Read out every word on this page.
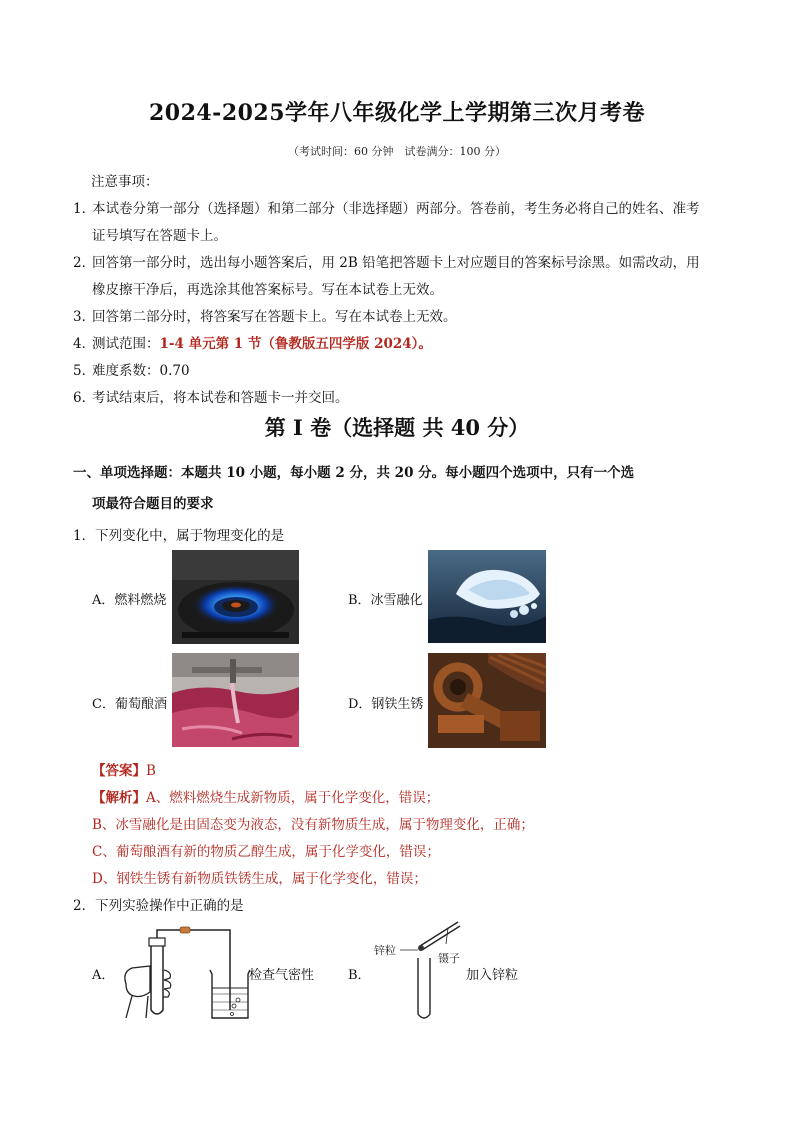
2024-2025学年八年级化学上学期第三次月考卷
（考试时间：60 分钟　试卷满分：100 分）
注意事项：
1．
本试卷分第一部分（选择题）和第二部分（非选择题）两部分。答卷前，考生务必将自己的姓名、准考
证号填写在答题卡上。
2．
回答第一部分时，选出每小题答案后，用 2B 铅笔把答题卡上对应题目的答案标号涂黑。如需改动，用
橡皮擦干净后，再选涂其他答案标号。写在本试卷上无效。
3．
回答第二部分时，将答案写在答题卡上。写在本试卷上无效。
4．
测试范围：1-4 单元第 1 节（鲁教版五四学版 2024）。
5．
难度系数：0.70
6．
考试结束后，将本试卷和答题卡一并交回。
第 I 卷（选择题 共 40 分）
一、单项选择题：本题共 10 小题，每小题 2 分，共 20 分。每小题四个选项中，只有一个选
项最符合题目的要求
1．下列变化中，属于物理变化的是
A．燃料燃烧	B．冰雪融化
C．葡萄酿酒	D．钢铁生锈
【答案】B
【解析】A、燃料燃烧生成新物质，属于化学变化，错误；
B、冰雪融化是由固态变为液态，没有新物质生成，属于物理变化，正确；
C、葡萄酿酒有新的物质乙醇生成，属于化学变化，错误；
D、钢铁生锈有新物质铁锈生成，属于化学变化，错误；
2．下列实验操作中正确的是
A．	检查气密性	B．
锌粒
镊子
加入锌粒
